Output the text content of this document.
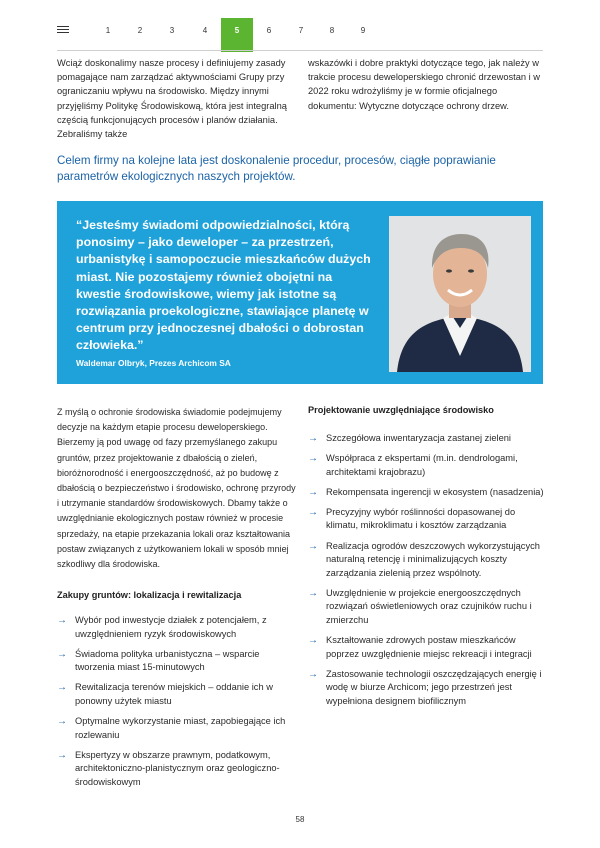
1	2	3	4	5	6	7	8	9
Wciąż doskonalimy nasze procesy i definiujemy zasady pomagające nam zarządzać aktywnościami Grupy przy ograniczaniu wpływu na środowisko. Między innymi przyjęliśmy Politykę Środowiskową, która jest integralną częścią funkcjonujących procesów i planów działania. Zebraliśmy także
wskazówki i dobre praktyki dotyczące tego, jak należy w trakcie procesu deweloperskiego chronić drzewostan i w 2022 roku wdrożyliśmy je w formie oficjalnego dokumentu: Wytyczne dotyczące ochrony drzew.
Celem firmy na kolejne lata jest doskonalenie procedur, procesów, ciągłe poprawianie parametrów ekologicznych naszych projektów.
“Jesteśmy świadomi odpowiedzialności, którą ponosimy – jako deweloper – za przestrzeń, urbanistykę i samopoczucie mieszkańców dużych miast. Nie pozostajemy również obojętni na kwestie środowiskowe, wiemy jak istotne są rozwiązania proekologiczne, stawiające planetę w centrum przy jednoczesnej dbałości o dobrostan człowieka.”
Waldemar Olbryk, Prezes Archicom SA
Z myślą o ochronie środowiska świadomie podejmujemy decyzje na każdym etapie procesu deweloperskiego. Bierzemy ją pod uwagę od fazy przemyślanego zakupu gruntów, przez projektowanie z dbałością o zieleń, bioróżnorodność i energooszczędność, aż po budowę z dbałością o bezpieczeństwo i środowisko, ochronę przyrody i utrzymanie standardów środowiskowych. Dbamy także o uwzględnianie ekologicznych postaw również w procesie sprzedaży, na etapie przekazania lokali oraz kształtowania postaw związanych z użytkowaniem lokali w sposób mniej szkodliwy dla środowiska.
Zakupy gruntów: lokalizacja i rewitalizacja
→ Wybór pod inwestycje działek z potencjałem, z uwzględnieniem ryzyk środowiskowych
→ Świadoma polityka urbanistyczna – wsparcie tworzenia miast 15-minutowych
→ Rewitalizacja terenów miejskich – oddanie ich w ponowny użytek miastu
→ Optymalne wykorzystanie miast, zapobiegające ich rozlewaniu
→ Ekspertyzy w obszarze prawnym, podatkowym, architektoniczno-planistycznym oraz geologiczno-środowiskowym
Projektowanie uwzględniające środowisko
→ Szczegółowa inwentaryzacja zastanej zieleni
→ Współpraca z ekspertami (m.in. dendrologami, architektami krajobrazu)
→ Rekompensata ingerencji w ekosystem (nasadzenia)
→ Precyzyjny wybór roślinności dopasowanej do klimatu, mikroklimatu i kosztów zarządzania
→ Realizacja ogrodów deszczowych wykorzystujących naturalną retencję i minimalizujących koszty zarządzania zielenią przez wspólnoty.
→ Uwzględnienie w projekcie energooszczędnych rozwiązań oświetleniowych oraz czujników ruchu i zmierzchu
→ Kształtowanie zdrowych postaw mieszkańców poprzez uwzględnienie miejsc rekreacji i integracji
→ Zastosowanie technologii oszczędzających energię i wodę w biurze Archicom; jego przestrzeń jest wypełniona designem biofilicznym
58
